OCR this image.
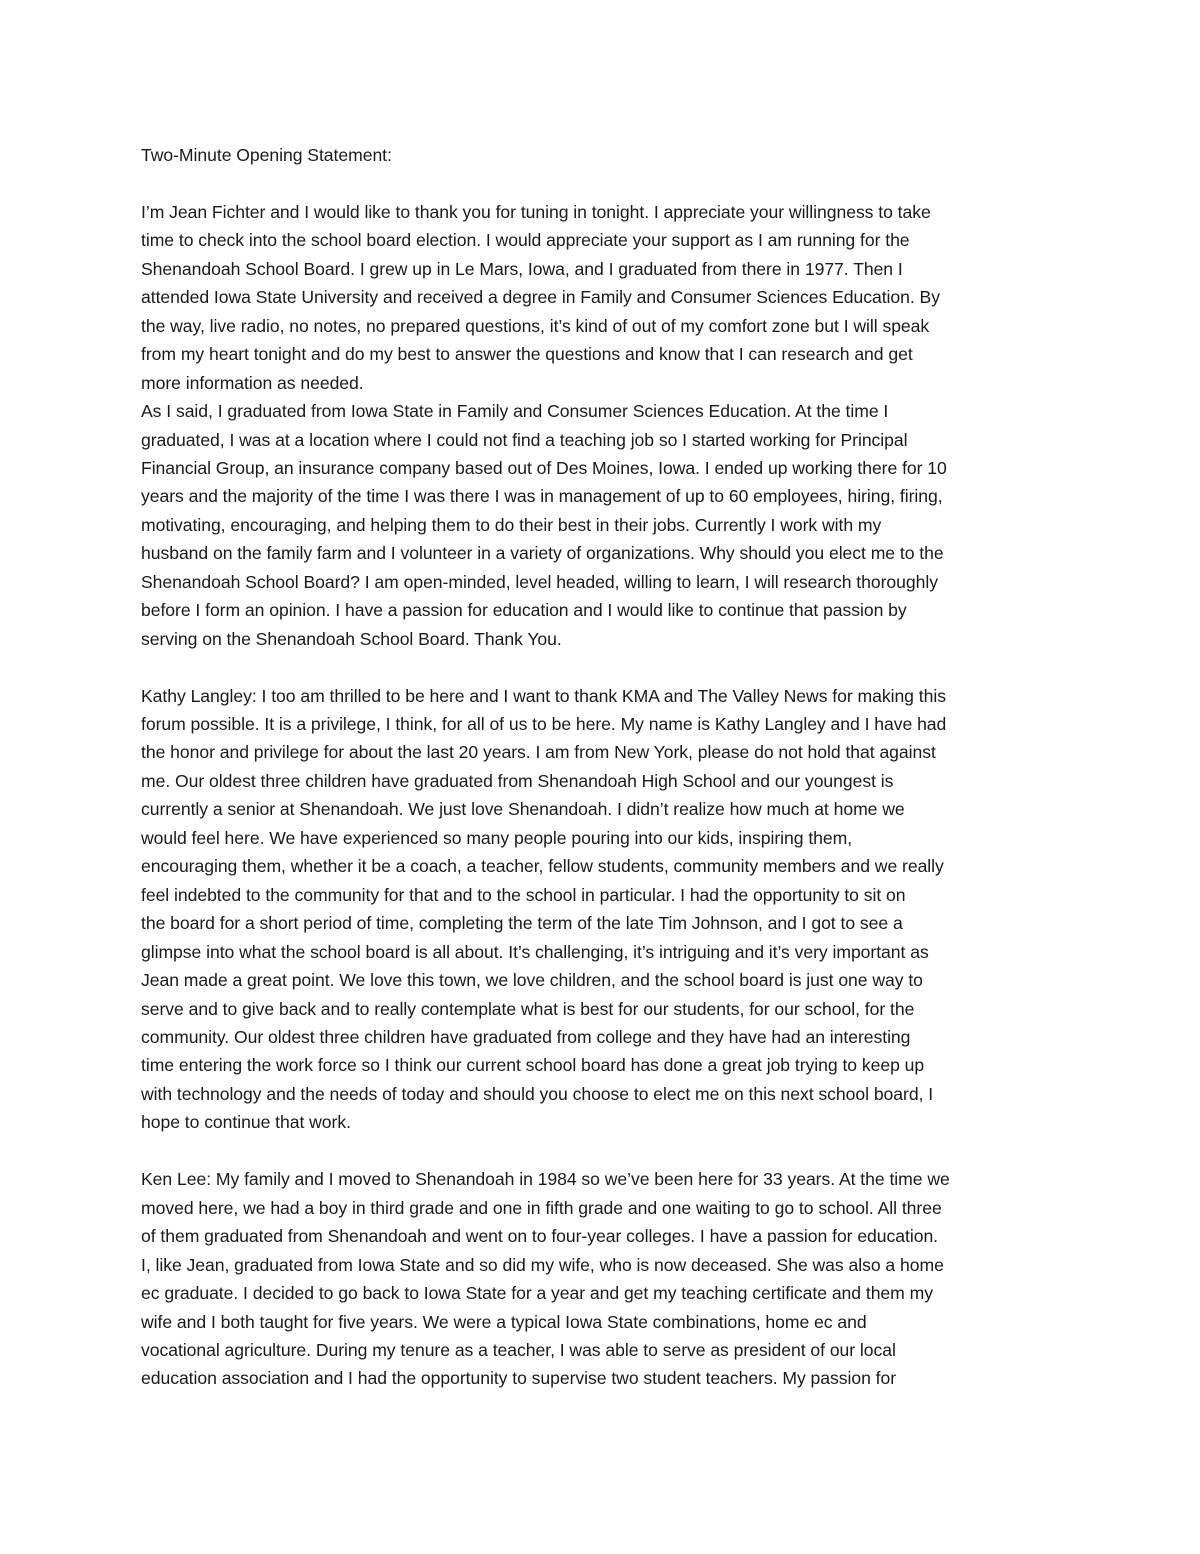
Two-Minute Opening Statement:
I’m Jean Fichter and I would like to thank you for tuning in tonight. I appreciate your willingness to take
time to check into the school board election. I would appreciate your support as I am running for the
Shenandoah School Board. I grew up in Le Mars, Iowa, and I graduated from there in 1977. Then I
attended Iowa State University and received a degree in Family and Consumer Sciences Education. By
the way, live radio, no notes, no prepared questions, it’s kind of out of my comfort zone but I will speak
from my heart tonight and do my best to answer the questions and know that I can research and get
more information as needed.
As I said, I graduated from Iowa State in Family and Consumer Sciences Education. At the time I
graduated, I was at a location where I could not find a teaching job so I started working for Principal
Financial Group, an insurance company based out of Des Moines, Iowa. I ended up working there for 10
years and the majority of the time I was there I was in management of up to 60 employees, hiring, firing,
motivating, encouraging, and helping them to do their best in their jobs. Currently I work with my
husband on the family farm and I volunteer in a variety of organizations. Why should you elect me to the
Shenandoah School Board? I am open-minded, level headed, willing to learn, I will research thoroughly
before I form an opinion. I have a passion for education and I would like to continue that passion by
serving on the Shenandoah School Board. Thank You.
Kathy Langley: I too am thrilled to be here and I want to thank KMA and The Valley News for making this
forum possible. It is a privilege, I think, for all of us to be here. My name is Kathy Langley and I have had
the honor and privilege for about the last 20 years. I am from New York, please do not hold that against
me. Our oldest three children have graduated from Shenandoah High School and our youngest is
currently a senior at Shenandoah. We just love Shenandoah. I didn’t realize how much at home we
would feel here. We have experienced so many people pouring into our kids, inspiring them,
encouraging them, whether it be a coach, a teacher, fellow students, community members and we really
feel indebted to the community for that and to the school in particular. I had the opportunity to sit on
the board for a short period of time, completing the term of the late Tim Johnson, and I got to see a
glimpse into what the school board is all about. It’s challenging, it’s intriguing and it’s very important as
Jean made a great point. We love this town, we love children, and the school board is just one way to
serve and to give back and to really contemplate what is best for our students, for our school, for the
community. Our oldest three children have graduated from college and they have had an interesting
time entering the work force so I think our current school board has done a great job trying to keep up
with technology and the needs of today and should you choose to elect me on this next school board, I
hope to continue that work.
Ken Lee: My family and I moved to Shenandoah in 1984 so we’ve been here for 33 years. At the time we
moved here, we had a boy in third grade and one in fifth grade and one waiting to go to school. All three
of them graduated from Shenandoah and went on to four-year colleges. I have a passion for education.
I, like Jean, graduated from Iowa State and so did my wife, who is now deceased. She was also a home
ec graduate. I decided to go back to Iowa State for a year and get my teaching certificate and them my
wife and I both taught for five years. We were a typical Iowa State combinations, home ec and
vocational agriculture. During my tenure as a teacher, I was able to serve as president of our local
education association and I had the opportunity to supervise two student teachers. My passion for
